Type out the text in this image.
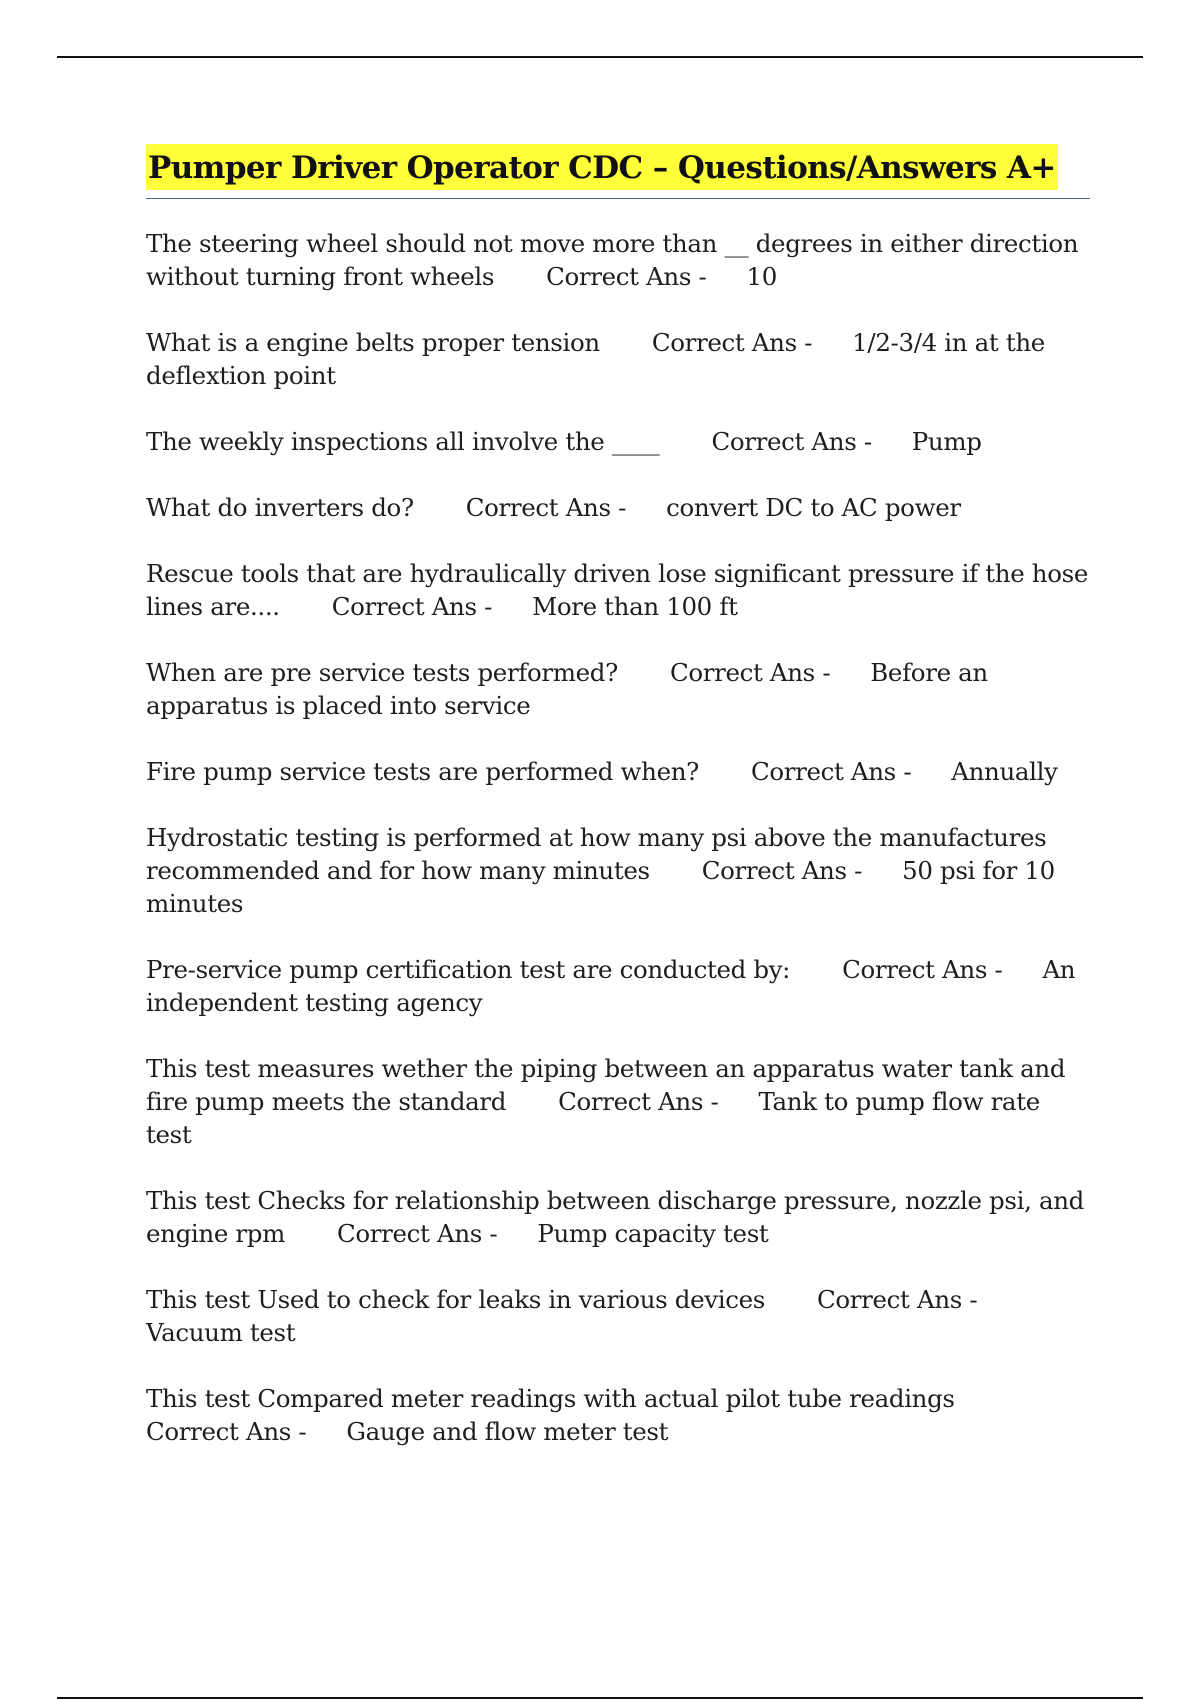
Pumper Driver Operator CDC – Questions/Answers A+

The steering wheel should not move more than __ degrees in either direction without turning front wheels Correct Ans - 10

What is a engine belts proper tension Correct Ans - 1/2-3/4 in at the deflextion point

The weekly inspections all involve the ____ Correct Ans - Pump

What do inverters do? Correct Ans - convert DC to AC power

Rescue tools that are hydraulically driven lose significant pressure if the hose lines are.... Correct Ans - More than 100 ft

When are pre service tests performed? Correct Ans - Before an apparatus is placed into service

Fire pump service tests are performed when? Correct Ans - Annually

Hydrostatic testing is performed at how many psi above the manufactures recommended and for how many minutes Correct Ans - 50 psi for 10 minutes

Pre-service pump certification test are conducted by: Correct Ans - An independent testing agency

This test measures wether the piping between an apparatus water tank and fire pump meets the standard Correct Ans - Tank to pump flow rate test

This test Checks for relationship between discharge pressure, nozzle psi, and engine rpm Correct Ans - Pump capacity test

This test Used to check for leaks in various devices Correct Ans -Vacuum test

This test Compared meter readings with actual pilot tube readingsCorrect Ans - Gauge and flow meter test
